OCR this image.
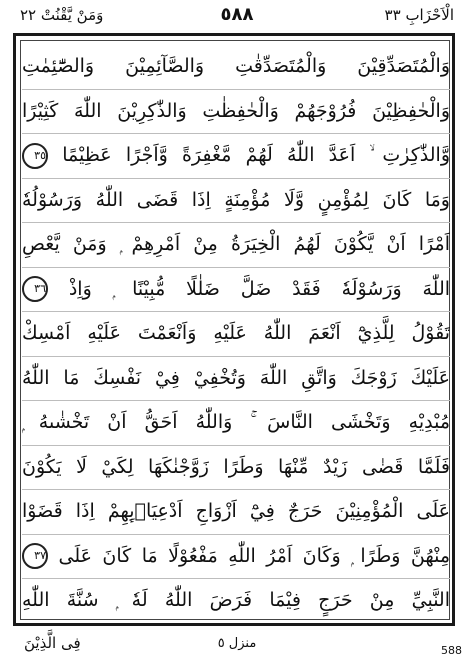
وَمَنْ يَّقْنُتْ ٢٢	٥٨٨	الْاَحْزَابِ ٣٣
وَالْمُتَصَدِّقِيْنَ وَالْمُتَصَدِّقٰتِ وَالصَّآئِمِيْنَ وَالصّٰٓئِمٰتِ
وَالْحٰفِظِيْنَ فُرُوْجَهُمْ وَالْحٰفِظٰتِ وَالذّٰكِرِيْنَ اللّٰهَ كَثِيْرًا
وَّالذّٰكِرٰتِ ۙ اَعَدَّ اللّٰهُ لَهُمْ مَّغْفِرَةً وَّاَجْرًا عَظِيْمًا ٣٥
وَمَا كَانَ لِمُؤْمِنٍ وَّلَا مُؤْمِنَةٍ اِذَا قَضَى اللّٰهُ وَرَسُوْلُهٗ
اَمْرًا اَنْ يَّكُوْنَ لَهُمُ الْخِيَرَةُ مِنْ اَمْرِهِمْ ۭ وَمَنْ يَّعْصِ
اللّٰهَ وَرَسُوْلَهٗ فَقَدْ ضَلَّ ضَلٰلًا مُّبِيْنًا ۭ وَاِذْ ٣٦
تَقُوْلُ لِلَّذِيْٓ اَنْعَمَ اللّٰهُ عَلَيْهِ وَاَنْعَمْتَ عَلَيْهِ اَمْسِكْ
عَلَيْكَ زَوْجَكَ وَاتَّقِ اللّٰهَ وَتُخْفِيْ فِيْ نَفْسِكَ مَا اللّٰهُ
مُبْدِيْهِ وَتَخْشَى النَّاسَ ۚ وَاللّٰهُ اَحَقُّ اَنْ تَخْشٰىهُ ۭ
فَلَمَّا قَضٰى زَيْدٌ مِّنْهَا وَطَرًا زَوَّجْنٰكَهَا لِكَيْ لَا يَكُوْنَ
عَلَى الْمُؤْمِنِيْنَ حَرَجٌ فِيْٓ اَزْوَاجِ اَدْعِيَاۗىِٕهِمْ اِذَا قَضَوْا
مِنْهُنَّ وَطَرًا ۭ وَكَانَ اَمْرُ اللّٰهِ مَفْعُوْلًا مَا كَانَ عَلَى ٣٧
النَّبِيِّ مِنْ حَرَجٍ فِيْمَا فَرَضَ اللّٰهُ لَهٗ ۭ سُنَّةَ اللّٰهِ
فِى الَّذِيْنَ	منزل ٥	588
